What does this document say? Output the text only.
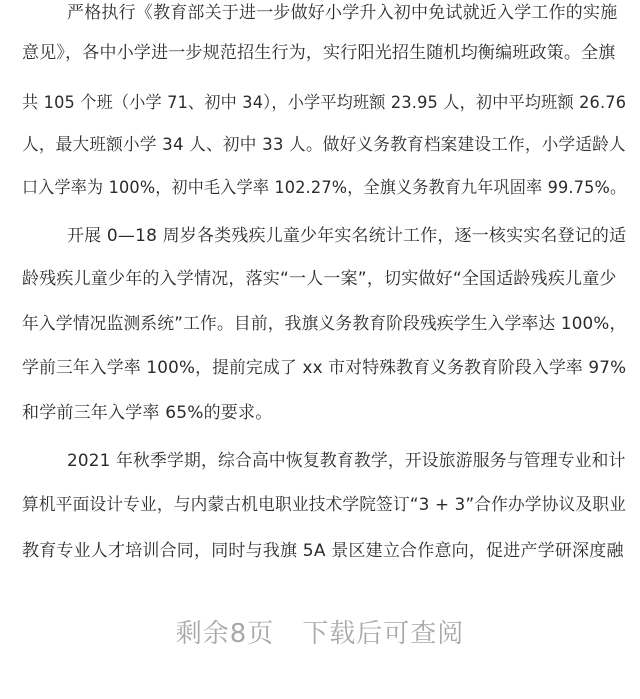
严格执行《教育部关于进一步做好小学升入初中免试就近入学工作的实施
意见》，各中小学进一步规范招生行为，实行阳光招生随机均衡编班政策。全旗
共 105 个班（小学 71、初中 34），小学平均班额 23.95 人，初中平均班额 26.76
人，最大班额小学 34 人、初中 33 人。做好义务教育档案建设工作，小学适龄人
口入学率为 100%，初中毛入学率 102.27%，全旗义务教育九年巩固率 99.75%。
开展 0—18 周岁各类残疾儿童少年实名统计工作，逐一核实实名登记的适
龄残疾儿童少年的入学情况，落实“一人一案”，切实做好“全国适龄残疾儿童少
年入学情况监测系统”工作。目前，我旗义务教育阶段残疾学生入学率达 100%，
学前三年入学率 100%，提前完成了 xx 市对特殊教育义务教育阶段入学率 97%
和学前三年入学率 65%的要求。
2021 年秋季学期，综合高中恢复教育教学，开设旅游服务与管理专业和计
算机平面设计专业，与内蒙古机电职业技术学院签订“3 + 3”合作办学协议及职业
教育专业人才培训合同，同时与我旗 5A 景区建立合作意向，促进产学研深度融
剩余8页 下载后可查阅
